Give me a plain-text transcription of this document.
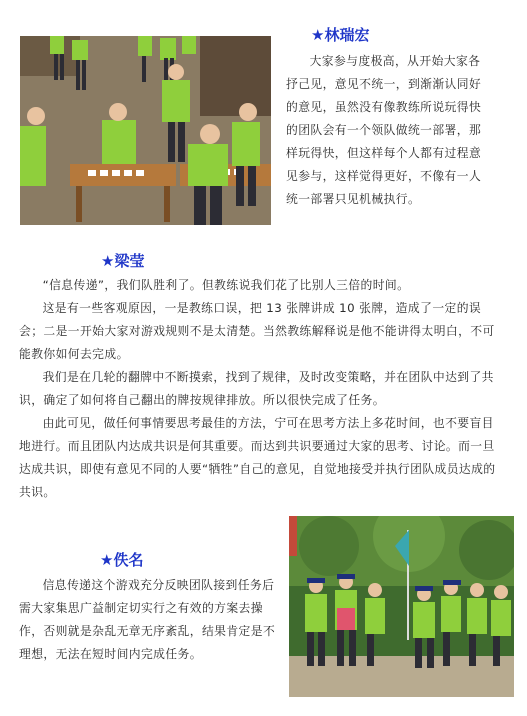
★林瑞宏

大家参与度极高，从开始大家各抒己见，意见不统一，到渐渐认同好的意见，虽然没有像教练所说玩得快的团队会有一个领队做统一部署，那样玩得快，但这样每个人都有过程意见参与，这样觉得更好，不像有一人统一部署只见机械执行。

★梁莹

“信息传递”，我们队胜利了。但教练说我们花了比别人三倍的时间。

这是有一些客观原因，一是教练口误，把 13 张牌讲成 10 张牌，造成了一定的误会；二是一开始大家对游戏规则不是太清楚。当然教练解释说是他不能讲得太明白，不可能教你如何去完成。

我们是在几轮的翻牌中不断摸索，找到了规律，及时改变策略，并在团队中达到了共识，确定了如何将自己翻出的牌按规律排放。所以很快完成了任务。

由此可见，做任何事情要思考最佳的方法，宁可在思考方法上多花时间，也不要盲目地进行。而且团队内达成共识是何其重要。而达到共识要通过大家的思考、讨论。而一旦达成共识，即使有意见不同的人要“牺牲”自己的意见，自觉地接受并执行团队成员达成的共识。

★佚名

信息传递这个游戏充分反映团队接到任务后需大家集思广益制定切实行之有效的方案去操作，否则就是杂乱无章无序紊乱，结果肯定是不理想，无法在短时间内完成任务。
